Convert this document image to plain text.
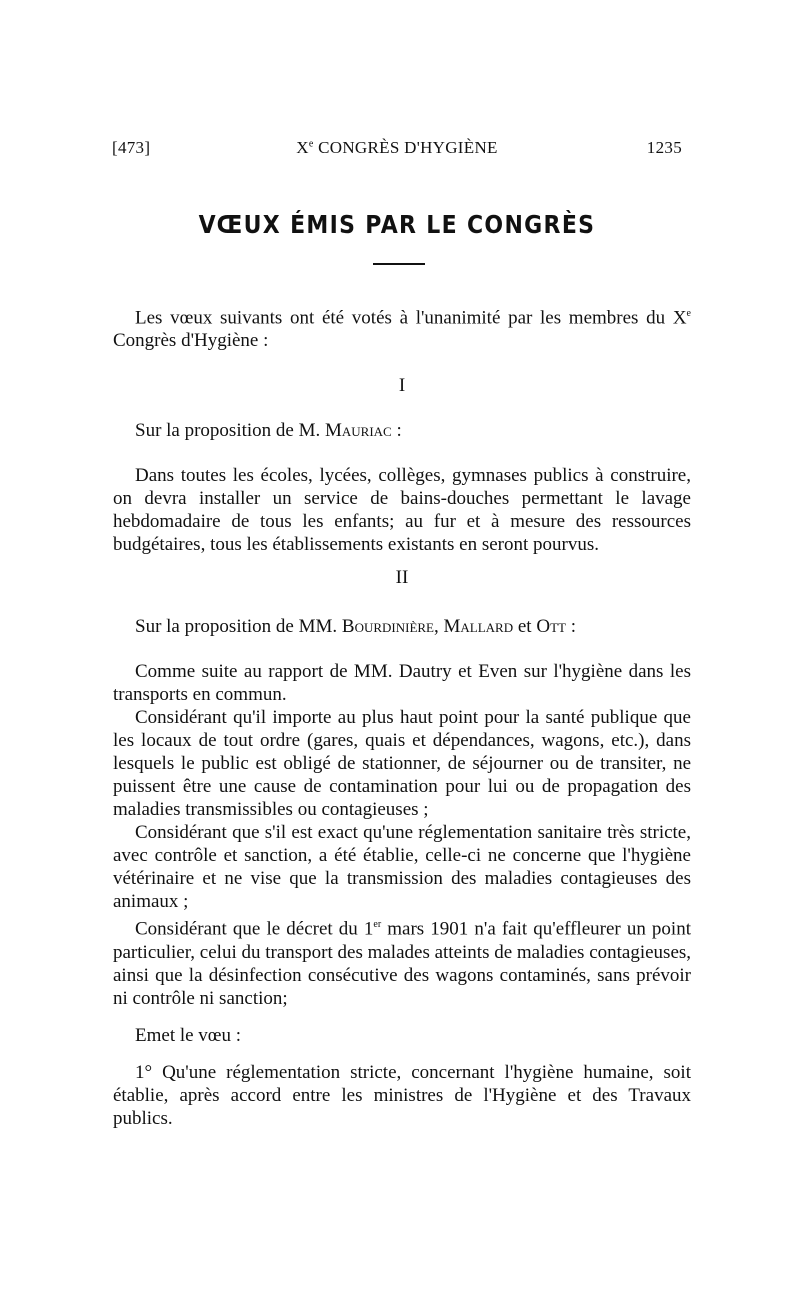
[473]	Xe CONGRÈS D'HYGIÈNE	1235
VŒUX ÉMIS PAR LE CONGRÈS

Les vœux suivants ont été votés à l'unanimité par les membres du Xe Congrès d'Hygiène :

I

Sur la proposition de M. Mauriac :

Dans toutes les écoles, lycées, collèges, gymnases publics à construire, on devra installer un service de bains-douches permettant le lavage hebdomadaire de tous les enfants; au fur et à mesure des ressources budgétaires, tous les établissements existants en seront pourvus.

II

Sur la proposition de MM. Bourdinière, Mallard et Ott :

Comme suite au rapport de MM. Dautry et Even sur l'hygiène dans les transports en commun.

Considérant qu'il importe au plus haut point pour la santé publique que les locaux de tout ordre (gares, quais et dépendances, wagons, etc.), dans lesquels le public est obligé de stationner, de séjourner ou de transiter, ne puissent être une cause de contamination pour lui ou de propagation des maladies transmissibles ou contagieuses ;

Considérant que s'il est exact qu'une réglementation sanitaire très stricte, avec contrôle et sanction, a été établie, celle-ci ne concerne que l'hygiène vétérinaire et ne vise que la transmission des maladies contagieuses des animaux ;

Considérant que le décret du 1er mars 1901 n'a fait qu'effleurer un point particulier, celui du transport des malades atteints de maladies contagieuses, ainsi que la désinfection consécutive des wagons contaminés, sans prévoir ni contrôle ni sanction;

Emet le vœu :

1° Qu'une réglementation stricte, concernant l'hygiène humaine, soit établie, après accord entre les ministres de l'Hygiène et des Travaux publics.
